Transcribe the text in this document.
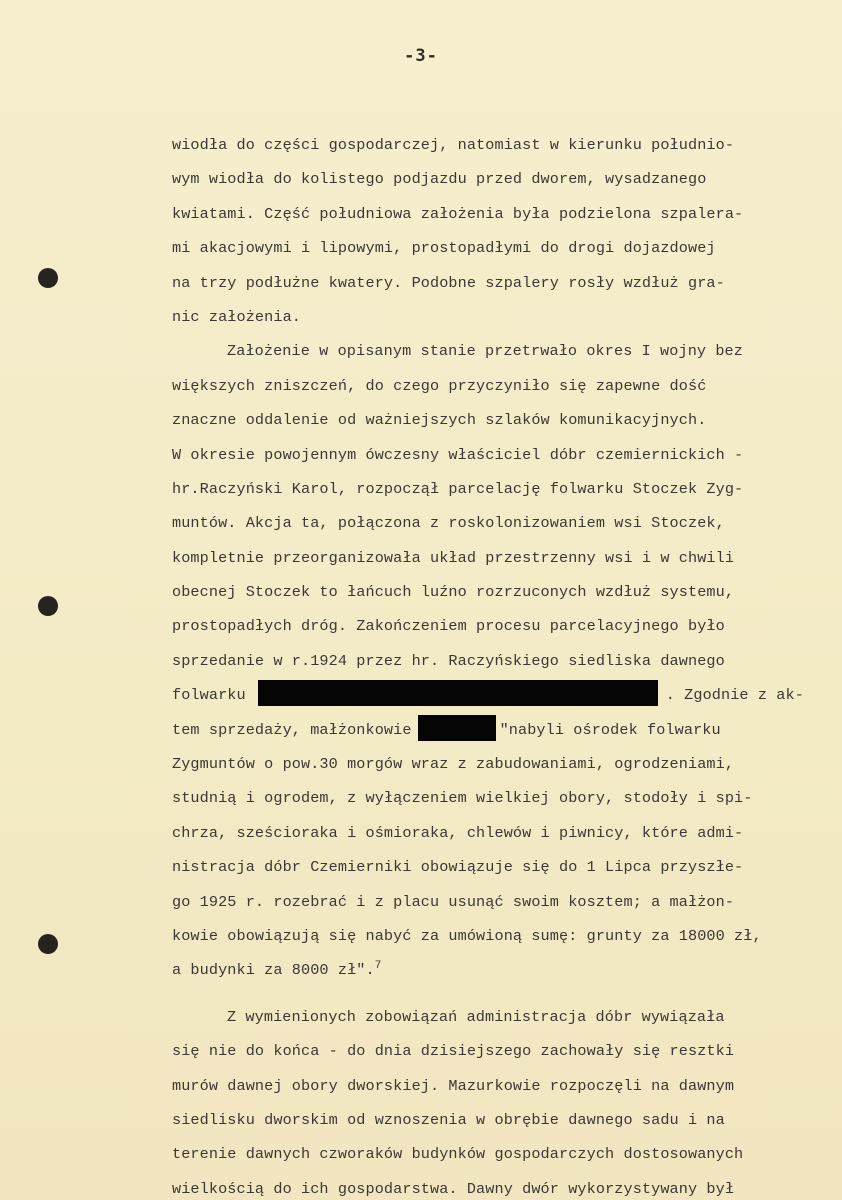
-3-
wiodła do części gospodarczej, natomiast w kierunku południo-
wym wiodła do kolistego podjazdu przed dworem, wysadzanego
kwiatami. Część południowa założenia była podzielona szpalera-
mi akacjowymi i lipowymi, prostopadłymi do drogi dojazdowej
na trzy podłużne kwatery. Podobne szpalery rosły wzdłuż gra-
nic założenia.
Założenie w opisanym stanie przetrwało okres I wojny bez
większych zniszczeń, do czego przyczyniło się zapewne dość
znaczne oddalenie od ważniejszych szlaków komunikacyjnych.
W okresie powojennym ówczesny właściciel dóbr czemiernickich -
hr.Raczyński Karol, rozpoczął parcelację folwarku Stoczek Zyg-
muntów. Akcja ta, połączona z roskolonizowaniem wsi Stoczek,
kompletnie przeorganizowała układ przestrzenny wsi i w chwili
obecnej Stoczek to łańcuch luźno rozrzuconych wzdłuż systemu,
prostopadłych dróg. Zakończeniem procesu parcelacyjnego było
sprzedanie w r.1924 przez hr. Raczyńskiego siedliska dawnego
folwarku	. Zgodnie z ak-
tem sprzedaży, małżonkowie	"nabyli ośrodek folwarku
Zygmuntów o pow.30 morgów wraz z zabudowaniami, ogrodzeniami,
studnią i ogrodem, z wyłączeniem wielkiej obory, stodoły i spi-
chrza, sześcioraka i ośmioraka, chlewów i piwnicy, które admi-
nistracja dóbr Czemierniki obowiązuje się do 1 Lipca przyszłe-
go 1925 r. rozebrać i z placu usunąć swoim kosztem; a małżon-
kowie obowiązują się nabyć za umówioną sumę: grunty za 18000 zł,
a budynki za 8000 zł".$^7$
Z wymienionych zobowiązań administracja dóbr wywiązała
się nie do końca - do dnia dzisiejszego zachowały się resztki
murów dawnej obory dworskiej. Mazurkowie rozpoczęli na dawnym
siedlisku dworskim od wznoszenia w obrębie dawnego sadu i na
terenie dawnych czworaków budynków gospodarczych dostosowanych
wielkością do ich gospodarstwa. Dawny dwór wykorzystywany był
